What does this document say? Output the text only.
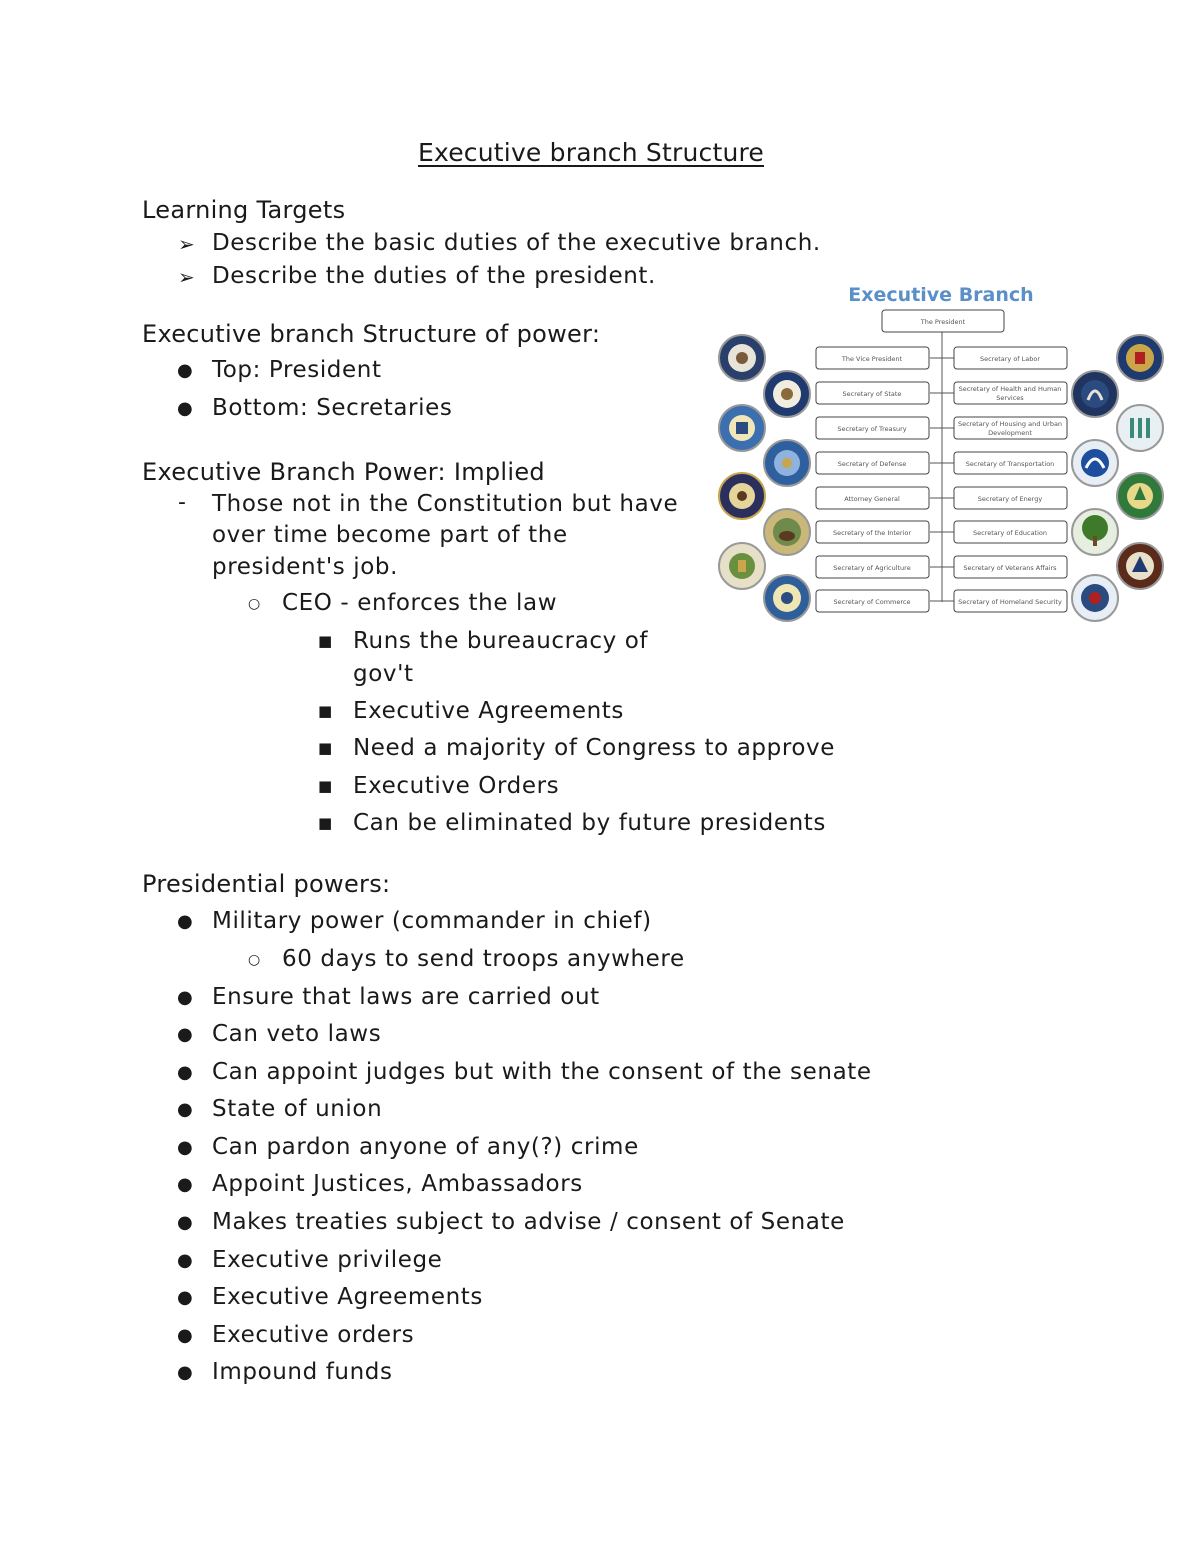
Executive branch Structure
Learning Targets
➢ Describe the basic duties of the executive branch.
➢ Describe the duties of the president.
Executive branch Structure of power:
● Top: President
● Bottom: Secretaries
Executive Branch Power: Implied
- Those not in the Constitution but have
over time become part of the
president's job.
○ CEO - enforces the law
■ Runs the bureaucracy of
gov't
■ Executive Agreements
■ Need a majority of Congress to approve
■ Executive Orders
■ Can be eliminated by future presidents
Presidential powers:
● Military power (commander in chief)
○ 60 days to send troops anywhere
● Ensure that laws are carried out
● Can veto laws
● Can appoint judges but with the consent of the senate
● State of union
● Can pardon anyone of any(?) crime
● Appoint Justices, Ambassadors
● Makes treaties subject to advise / consent of Senate
● Executive privilege
● Executive Agreements
● Executive orders
● Impound funds
Executive Branch
The President
The Vice President
Secretary of State
Secretary of Treasury
Secretary of Defense
Attorney General
Secretary of the Interior
Secretary of Agriculture
Secretary of Commerce
Secretary of Labor
Secretary of Health and Human
Services
Secretary of Housing and Urban
Development
Secretary of Transportation
Secretary of Energy
Secretary of Education
Secretary of Veterans Affairs
Secretary of Homeland Security
